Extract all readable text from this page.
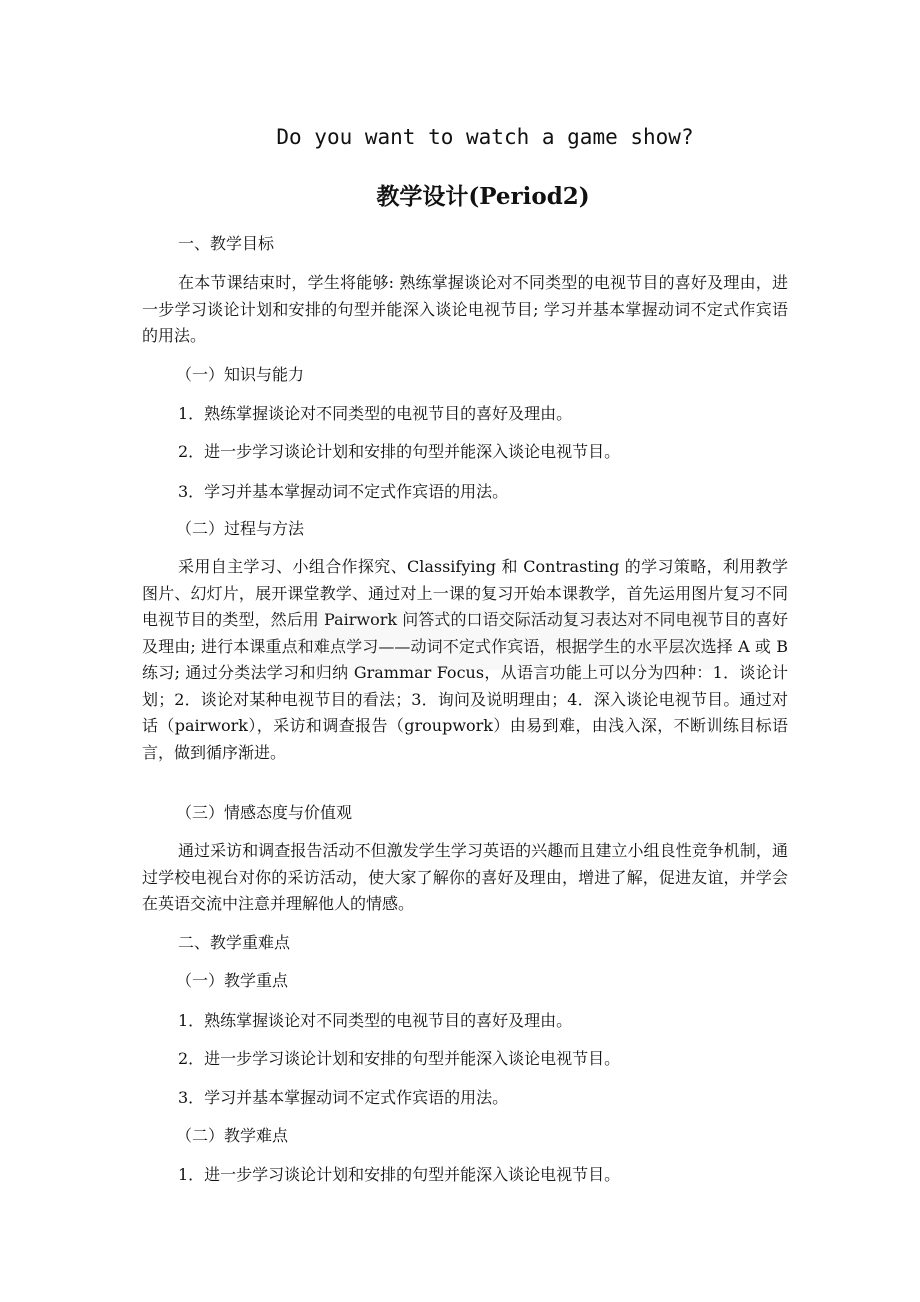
Do you want to watch a game show?
教学设计(Period2)

一、教学目标

在本节课结束时，学生将能够: 熟练掌握谈论对不同类型的电视节目的喜好及理由，进一步学习谈论计划和安排的句型并能深入谈论电视节目; 学习并基本掌握动词不定式作宾语的用法。

（一）知识与能力

1．熟练掌握谈论对不同类型的电视节目的喜好及理由。

2．进一步学习谈论计划和安排的句型并能深入谈论电视节目。

3．学习并基本掌握动词不定式作宾语的用法。

（二）过程与方法

采用自主学习、小组合作探究、Classifying 和 Contrasting 的学习策略，利用教学图片、幻灯片，展开课堂教学、通过对上一课的复习开始本课教学，首先运用图片复习不同电视节目的类型，然后用 Pairwork 问答式的口语交际活动复习表达对不同电视节目的喜好及理由; 进行本课重点和难点学习——动词不定式作宾语，根据学生的水平层次选择 A 或 B 练习; 通过分类法学习和归纳 Grammar Focus，从语言功能上可以分为四种：1．谈论计划；2．谈论对某种电视节目的看法；3．询问及说明理由；4．深入谈论电视节目。通过对话（pairwork），采访和调查报告（groupwork）由易到难，由浅入深，不断训练目标语言，做到循序渐进。

（三）情感态度与价值观

通过采访和调查报告活动不但激发学生学习英语的兴趣而且建立小组良性竞争机制，通过学校电视台对你的采访活动，使大家了解你的喜好及理由，增进了解，促进友谊，并学会在英语交流中注意并理解他人的情感。

二、教学重难点

（一）教学重点

1．熟练掌握谈论对不同类型的电视节目的喜好及理由。

2．进一步学习谈论计划和安排的句型并能深入谈论电视节目。

3．学习并基本掌握动词不定式作宾语的用法。

（二）教学难点

1．进一步学习谈论计划和安排的句型并能深入谈论电视节目。
